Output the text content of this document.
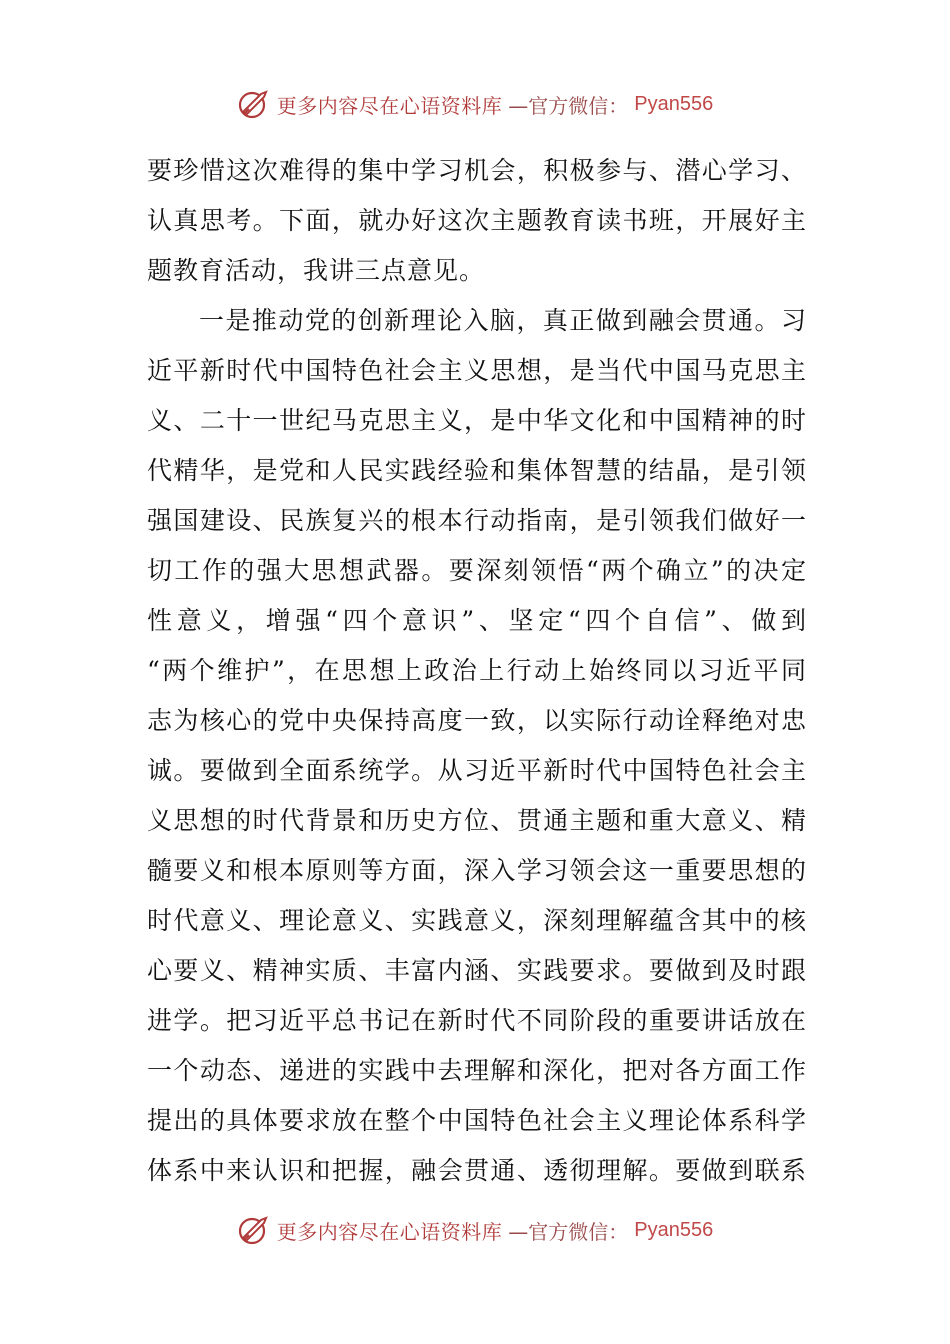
更多内容尽在心语资料库 —官方微信： Pyan556
要珍惜这次难得的集中学习机会，积极参与、潜心学习、
认真思考。下面，就办好这次主题教育读书班，开展好主
题教育活动，我讲三点意见。
一是推动党的创新理论入脑，真正做到融会贯通。习
近平新时代中国特色社会主义思想，是当代中国马克思主
义、二十一世纪马克思主义，是中华文化和中国精神的时
代精华，是党和人民实践经验和集体智慧的结晶，是引领
强国建设、民族复兴的根本行动指南，是引领我们做好一
切工作的强大思想武器。要深刻领悟“两个确立”的决定
性意义，增强“四个意识”、坚定“四个自信”、做到
“两个维护”，在思想上政治上行动上始终同以习近平同
志为核心的党中央保持高度一致，以实际行动诠释绝对忠
诚。要做到全面系统学。从习近平新时代中国特色社会主
义思想的时代背景和历史方位、贯通主题和重大意义、精
髓要义和根本原则等方面，深入学习领会这一重要思想的
时代意义、理论意义、实践意义，深刻理解蕴含其中的核
心要义、精神实质、丰富内涵、实践要求。要做到及时跟
进学。把习近平总书记在新时代不同阶段的重要讲话放在
一个动态、递进的实践中去理解和深化，把对各方面工作
提出的具体要求放在整个中国特色社会主义理论体系科学
体系中来认识和把握，融会贯通、透彻理解。要做到联系
更多内容尽在心语资料库 —官方微信： Pyan556
